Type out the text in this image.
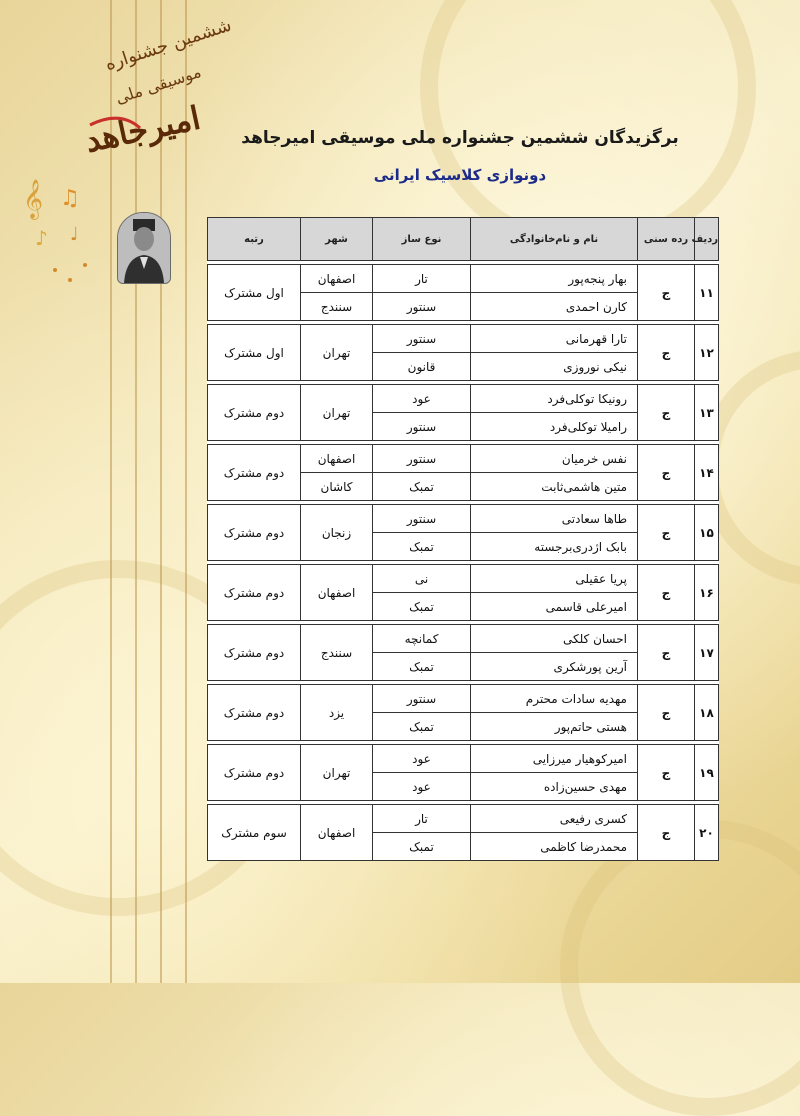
ششمین جشنواره
موسیقی ملی
امیرجاهد
𝄞 ♫
♪ ♩
برگزیدگان ششمین جشنواره ملی موسیقی امیرجاهد
دونوازی کلاسیک ایرانی
ردیف	رده سنی	نام و نام‌خانوادگی	نوع ساز	شهر	رتبه

۱۱	ج	بهار پنجه‌پور	تار	اصفهان	اول مشترک
		کارن احمدی	سنتور	سنندج	

۱۲	ج	تارا قهرمانی	سنتور	تهران	اول مشترک
		نیکی نوروزی	قانون		

۱۳	ج	رونیکا توکلی‌فرد	عود	تهران	دوم مشترک
		رامیلا توکلی‌فرد	سنتور		

۱۴	ج	نفس خرمیان	سنتور	اصفهان	دوم مشترک
		متین هاشمی‌ثابت	تمبک	کاشان	

۱۵	ج	طاها سعادتی	سنتور	زنجان	دوم مشترک
		بابک اژدری‌برجسته	تمبک		

۱۶	ج	پریا عقیلی	نی	اصفهان	دوم مشترک
		امیرعلی قاسمی	تمبک		

۱۷	ج	احسان کلکی	کمانچه	سنندج	دوم مشترک
		آرین پورشکری	تمبک		

۱۸	ج	مهدیه سادات محترم	سنتور	یزد	دوم مشترک
		هستی حاتم‌پور	تمبک		

۱۹	ج	امیرکوهیار میرزایی	عود	تهران	دوم مشترک
		مهدی حسین‌زاده	عود		

۲۰	ج	کسری رفیعی	تار	اصفهان	سوم مشترک
		محمدرضا کاظمی	تمبک		
